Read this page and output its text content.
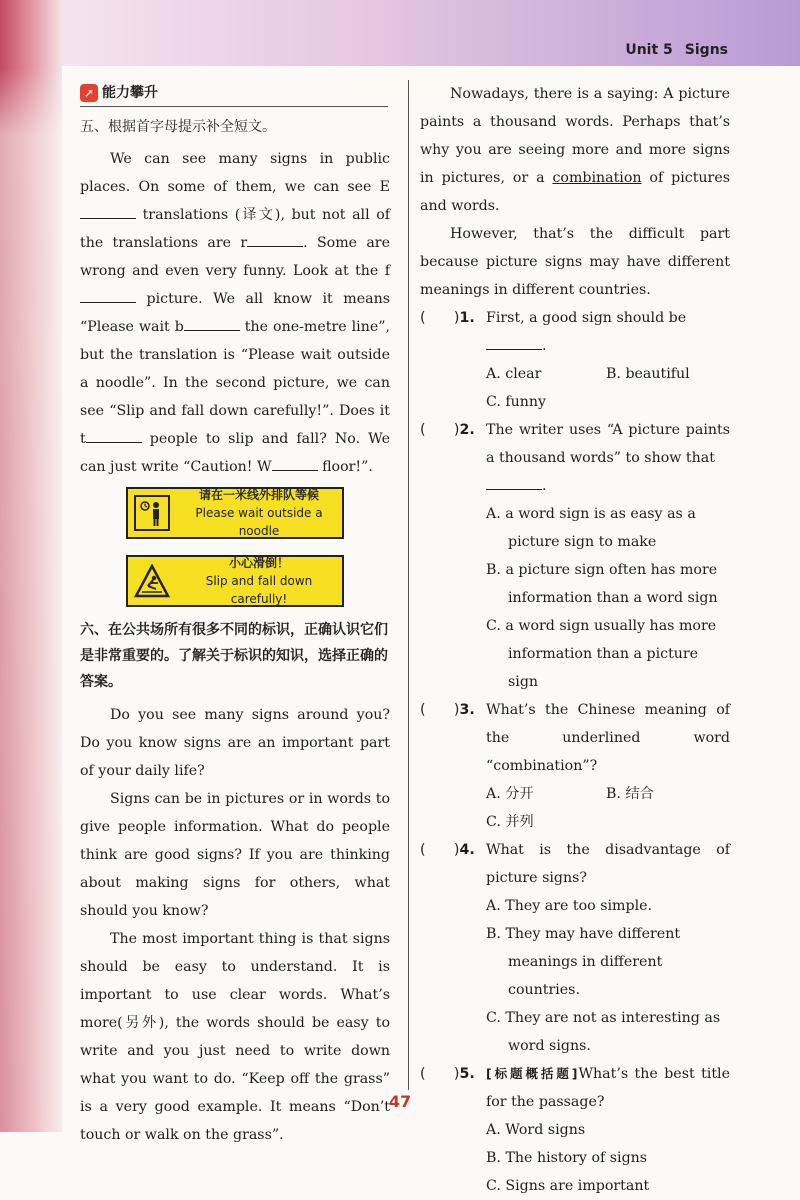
Unit 5 Signs
➚ 能力攀升
五、根据首字母提示补全短文。
We can see many signs in public places. On some of them, we can see E translations (译文), but not all of the translations are r	. Some are wrong and even very funny. Look at the f picture. We all know it means “Please wait b	the one-metre line”, but the translation is “Please wait outside a noodle”. In the second picture, we can see “Slip and fall down carefully!”. Does it t	people to slip and fall? No. We can just write “Caution! W	floor!”.
请在一米线外排队等候
Please wait outside a noodle
小心滑倒！
Slip and fall down carefully!
六、在公共场所有很多不同的标识，正确认识它们是非常重要的。了解关于标识的知识，选择正确的答案。
Do you see many signs around you? Do you know signs are an important part of your daily life?
Signs can be in pictures or in words to give people information. What do people think are good signs? If you are thinking about making signs for others, what should you know?
The most important thing is that signs should be easy to understand. It is important to use clear words. What’s more(另外), the words should be easy to write and you just need to write down what you want to do. “Keep off the grass” is a very good example. It means “Don’t touch or walk on the grass”.
Nowadays, there is a saying: A picture paints a thousand words. Perhaps that’s why you are seeing more and more signs in pictures, or a combination of pictures and words.
However, that’s the difficult part because picture signs may have different meanings in different countries.
(　　)1. First, a good sign should be
.
A. clear	B. beautiful
C. funny
(　　)2. The writer uses “A picture paints a thousand words” to show that
.
A. a word sign is as easy as a picture sign to make
B. a picture sign often has more information than a word sign
C. a word sign usually has more information than a picture sign
(　　)3. What’s the Chinese meaning of the underlined word “combination”?
A. 分开	B. 结合
C. 并列
(　　)4. What is the disadvantage of picture signs?
A. They are too simple.
B. They may have different meanings in different countries.
C. They are not as interesting as word signs.
(　　)5. [标题概括题]What’s the best title for the passage?
A. Word signs
B. The history of signs
C. Signs are important
47
